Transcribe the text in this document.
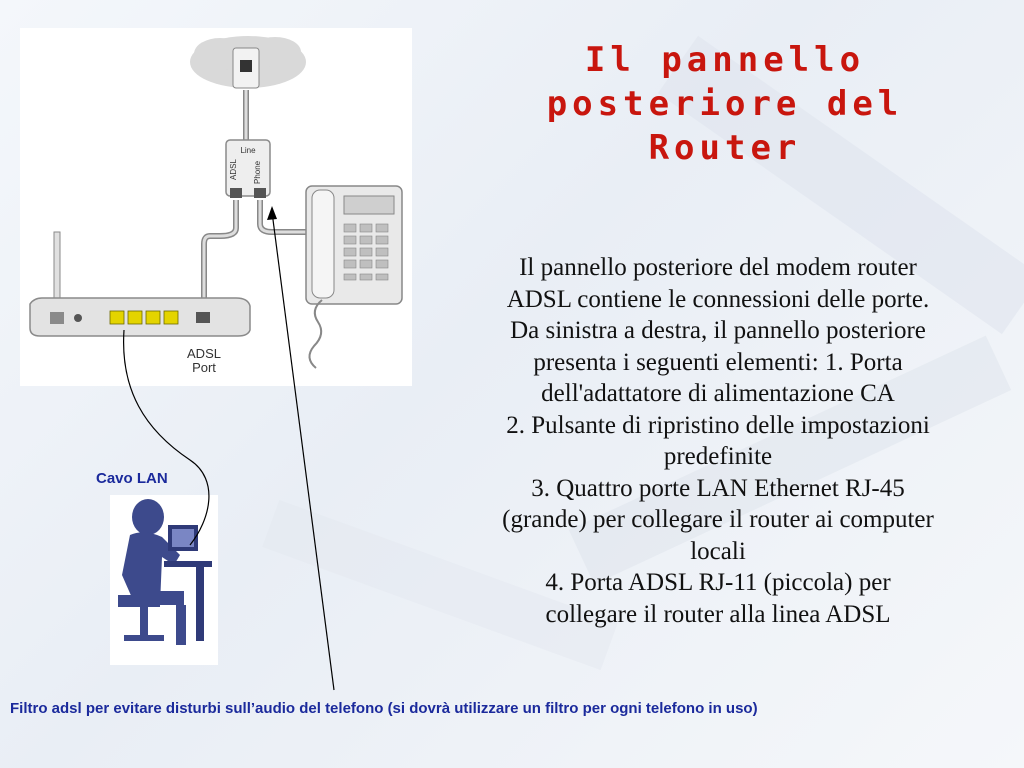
Il pannello
posteriore del
Router
Line
ADSL Phone
ADSL
Port
Il pannello posteriore del modem router
ADSL contiene le connessioni delle porte.
Da sinistra a destra, il pannello posteriore
presenta i seguenti elementi: 1. Porta
dell'adattatore di alimentazione CA
2. Pulsante di ripristino delle impostazioni
predefinite
3. Quattro porte LAN Ethernet RJ-45
(grande) per collegare il router ai computer
locali
4. Porta ADSL RJ-11 (piccola) per
collegare il router alla linea ADSL
Cavo LAN
Filtro adsl per evitare disturbi sull’audio del telefono (si dovrà utilizzare un filtro per ogni telefono in uso)
